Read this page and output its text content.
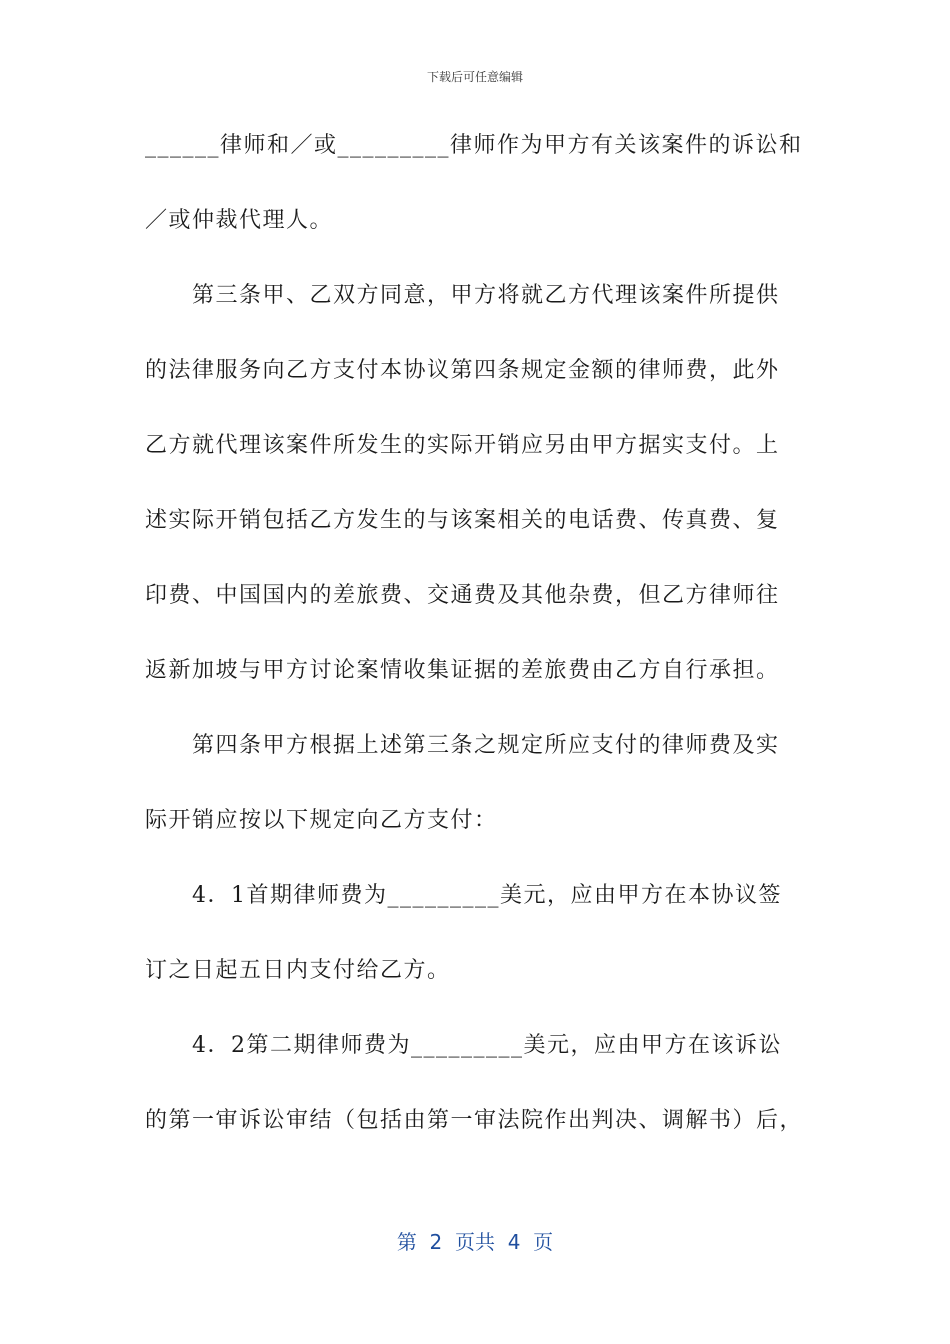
下载后可任意编辑
______律师和／或_________律师作为甲方有关该案件的诉讼和
／或仲裁代理人。
第三条甲、乙双方同意，甲方将就乙方代理该案件所提供
的法律服务向乙方支付本协议第四条规定金额的律师费，此外
乙方就代理该案件所发生的实际开销应另由甲方据实支付。上
述实际开销包括乙方发生的与该案相关的电话费、传真费、复
印费、中国国内的差旅费、交通费及其他杂费，但乙方律师往
返新加坡与甲方讨论案情收集证据的差旅费由乙方自行承担。
第四条甲方根据上述第三条之规定所应支付的律师费及实
际开销应按以下规定向乙方支付：
4．1首期律师费为_________美元，应由甲方在本协议签
订之日起五日内支付给乙方。
4．2第二期律师费为_________美元，应由甲方在该诉讼
的第一审诉讼审结（包括由第一审法院作出判决、调解书）后，
第  2  页共  4  页
